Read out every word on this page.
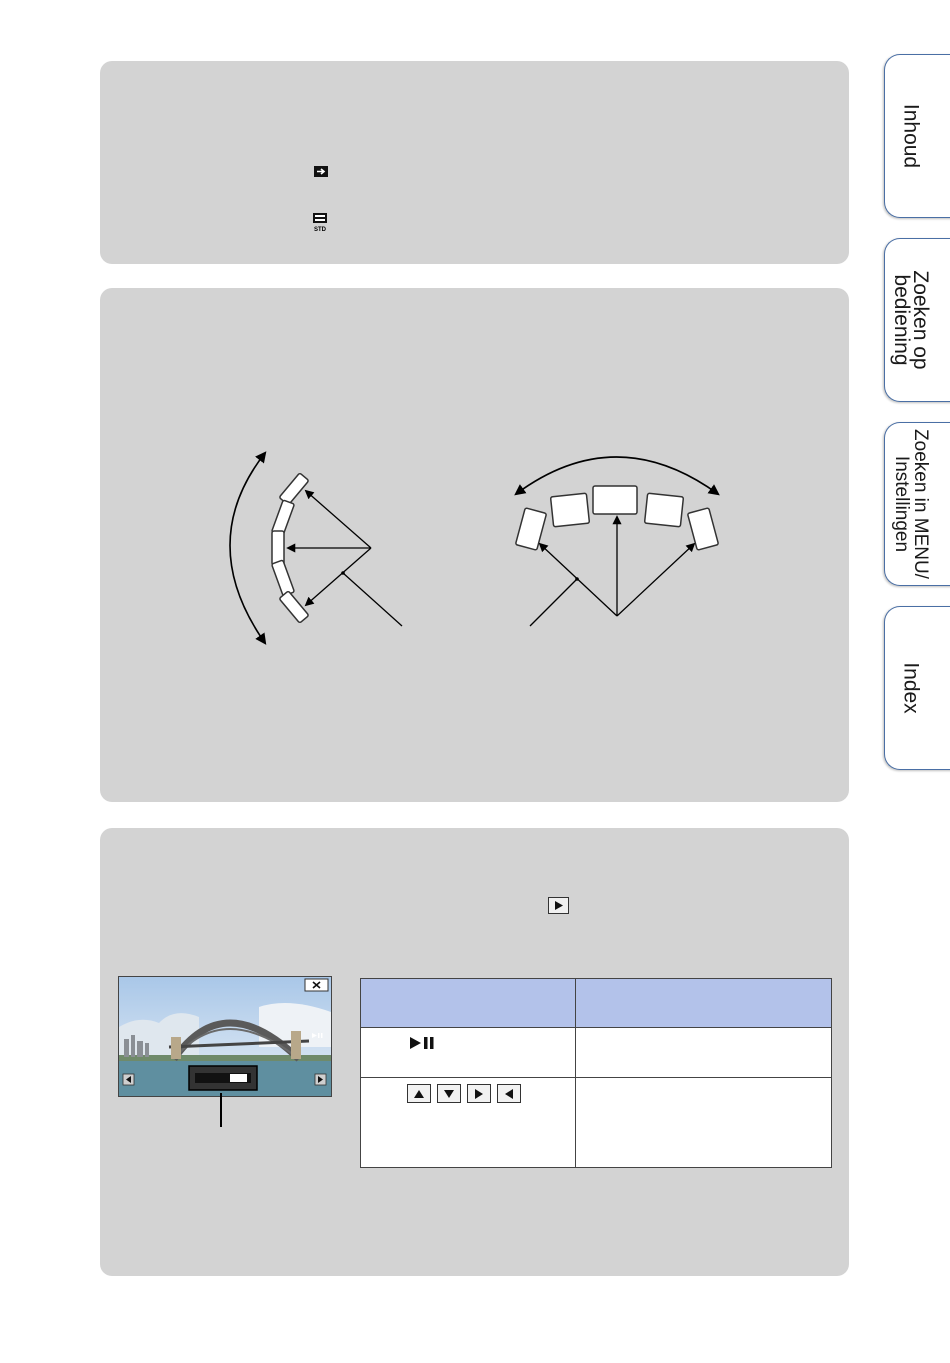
STD

Inhoud
Zoeken op
bediening
Zoeken in MENU/
Instellingen
Index
